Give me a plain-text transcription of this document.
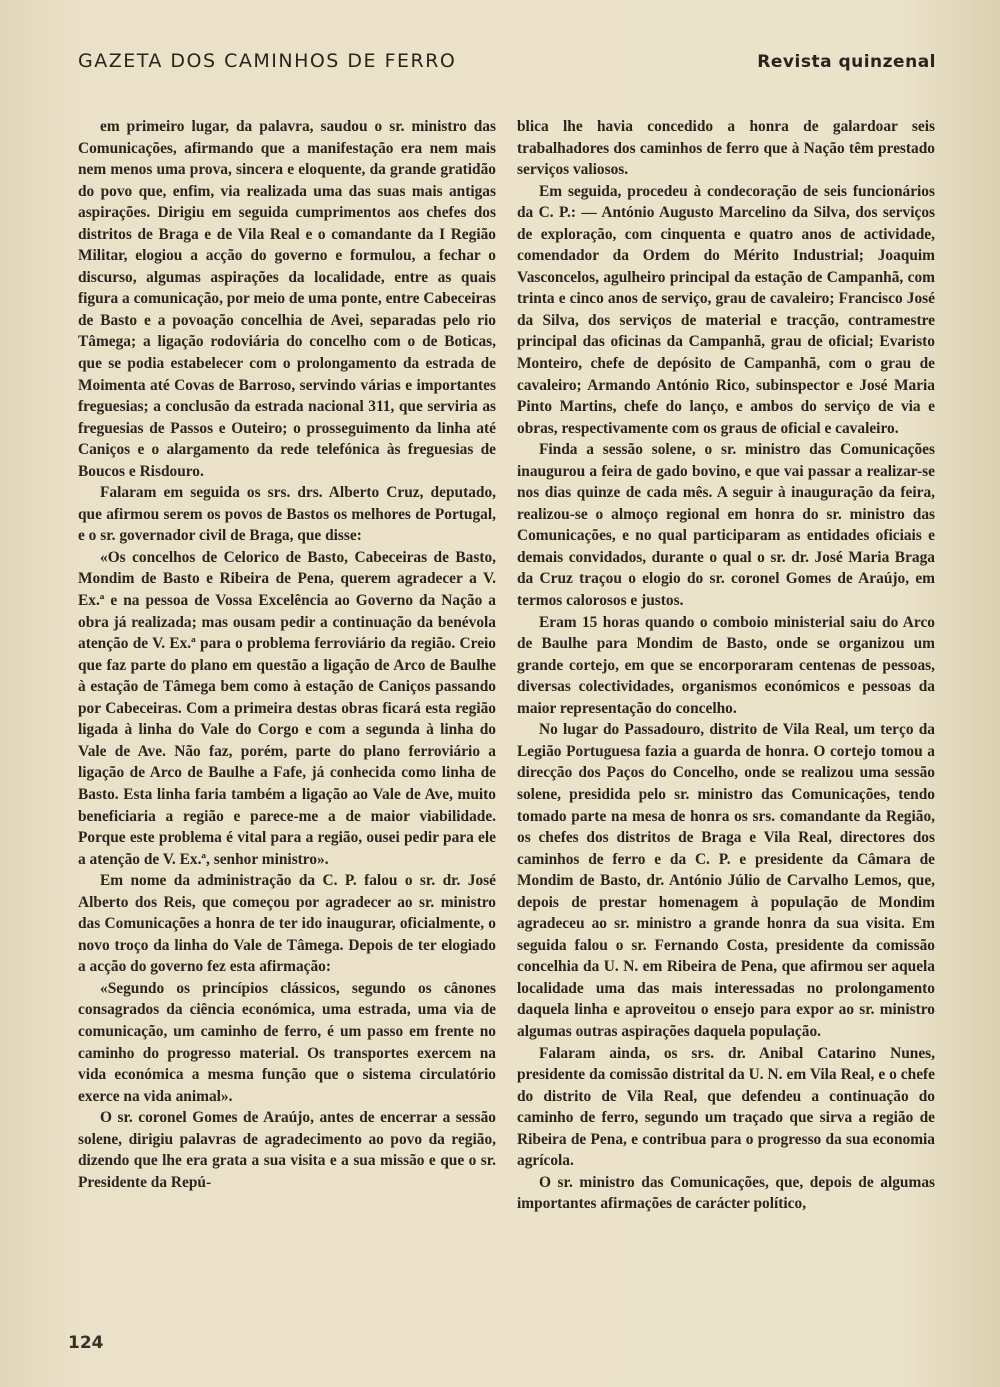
GAZETA DOS CAMINHOS DE FERRO	Revista quinzenal

em primeiro lugar, da palavra, saudou o sr. ministro das Comunicações, afirmando que a manifestação era nem mais nem menos uma prova, sincera e eloquente, da grande gratidão do povo que, enfim, via realizada uma das suas mais antigas aspirações. Dirigiu em seguida cumprimentos aos chefes dos distritos de Braga e de Vila Real e o comandante da I Região Militar, elogiou a acção do governo e formulou, a fechar o discurso, algumas aspirações da localidade, entre as quais figura a comunicação, por meio de uma ponte, entre Cabeceiras de Basto e a povoação concelhia de Avei, separadas pelo rio Tâmega; a ligação rodoviária do concelho com o de Boticas, que se podia estabelecer com o prolongamento da estrada de Moimenta até Covas de Barroso, servindo várias e importantes freguesias; a conclusão da estrada nacional 311, que serviria as freguesias de Passos e Outeiro; o prosseguimento da linha até Caniços e o alargamento da rede telefónica às freguesias de Boucos e Risdouro.

Falaram em seguida os srs. drs. Alberto Cruz, deputado, que afirmou serem os povos de Bastos os melhores de Portugal, e o sr. governador civil de Braga, que disse:

«Os concelhos de Celorico de Basto, Cabeceiras de Basto, Mondim de Basto e Ribeira de Pena, querem agradecer a V. Ex.ª e na pessoa de Vossa Excelência ao Governo da Nação a obra já realizada; mas ousam pedir a continuação da benévola atenção de V. Ex.ª para o problema ferroviário da região. Creio que faz parte do plano em questão a ligação de Arco de Baulhe à estação de Tâmega bem como à estação de Caniços passando por Cabeceiras. Com a primeira destas obras ficará esta região ligada à linha do Vale do Corgo e com a segunda à linha do Vale de Ave. Não faz, porém, parte do plano ferroviário a ligação de Arco de Baulhe a Fafe, já conhecida como linha de Basto. Esta linha faria também a ligação ao Vale de Ave, muito beneficiaria a região e parece-me a de maior viabilidade. Porque este problema é vital para a região, ousei pedir para ele a atenção de V. Ex.ª, senhor ministro».

Em nome da administração da C. P. falou o sr. dr. José Alberto dos Reis, que começou por agradecer ao sr. ministro das Comunicações a honra de ter ido inaugurar, oficialmente, o novo troço da linha do Vale de Tâmega. Depois de ter elogiado a acção do governo fez esta afirmação:

«Segundo os princípios clássicos, segundo os cânones consagrados da ciência económica, uma estrada, uma via de comunicação, um caminho de ferro, é um passo em frente no caminho do progresso material. Os transportes exercem na vida económica a mesma função que o sistema circulatório exerce na vida animal».

O sr. coronel Gomes de Araújo, antes de encerrar a sessão solene, dirigiu palavras de agradecimento ao povo da região, dizendo que lhe era grata a sua visita e a sua missão e que o sr. Presidente da Repú-

blica lhe havia concedido a honra de galardoar seis trabalhadores dos caminhos de ferro que à Nação têm prestado serviços valiosos.

Em seguida, procedeu à condecoração de seis funcionários da C. P.: — António Augusto Marcelino da Silva, dos serviços de exploração, com cinquenta e quatro anos de actividade, comendador da Ordem do Mérito Industrial; Joaquim Vasconcelos, agulheiro principal da estação de Campanhã, com trinta e cinco anos de serviço, grau de cavaleiro; Francisco José da Silva, dos serviços de material e tracção, contramestre principal das oficinas da Campanhã, grau de oficial; Evaristo Monteiro, chefe de depósito de Campanhã, com o grau de cavaleiro; Armando António Rico, subinspector e José Maria Pinto Martins, chefe do lanço, e ambos do serviço de via e obras, respectivamente com os graus de oficial e cavaleiro.

Finda a sessão solene, o sr. ministro das Comunicações inaugurou a feira de gado bovino, e que vai passar a realizar-se nos dias quinze de cada mês. A seguir à inauguração da feira, realizou-se o almoço regional em honra do sr. ministro das Comunicações, e no qual participaram as entidades oficiais e demais convidados, durante o qual o sr. dr. José Maria Braga da Cruz traçou o elogio do sr. coronel Gomes de Araújo, em termos calorosos e justos.

Eram 15 horas quando o comboio ministerial saiu do Arco de Baulhe para Mondim de Basto, onde se organizou um grande cortejo, em que se encorporaram centenas de pessoas, diversas colectividades, organismos económicos e pessoas da maior representação do concelho.

No lugar do Passadouro, distrito de Vila Real, um terço da Legião Portuguesa fazia a guarda de honra. O cortejo tomou a direcção dos Paços do Concelho, onde se realizou uma sessão solene, presidida pelo sr. ministro das Comunicações, tendo tomado parte na mesa de honra os srs. comandante da Região, os chefes dos distritos de Braga e Vila Real, directores dos caminhos de ferro e da C. P. e presidente da Câmara de Mondim de Basto, dr. António Júlio de Carvalho Lemos, que, depois de prestar homenagem à população de Mondim agradeceu ao sr. ministro a grande honra da sua visita. Em seguida falou o sr. Fernando Costa, presidente da comissão concelhia da U. N. em Ribeira de Pena, que afirmou ser aquela localidade uma das mais interessadas no prolongamento daquela linha e aproveitou o ensejo para expor ao sr. ministro algumas outras aspirações daquela população.

Falaram ainda, os srs. dr. Anibal Catarino Nunes, presidente da comissão distrital da U. N. em Vila Real, e o chefe do distrito de Vila Real, que defendeu a continuação do caminho de ferro, segundo um traçado que sirva a região de Ribeira de Pena, e contribua para o progresso da sua economia agrícola.

O sr. ministro das Comunicações, que, depois de algumas importantes afirmações de carácter político,

124
